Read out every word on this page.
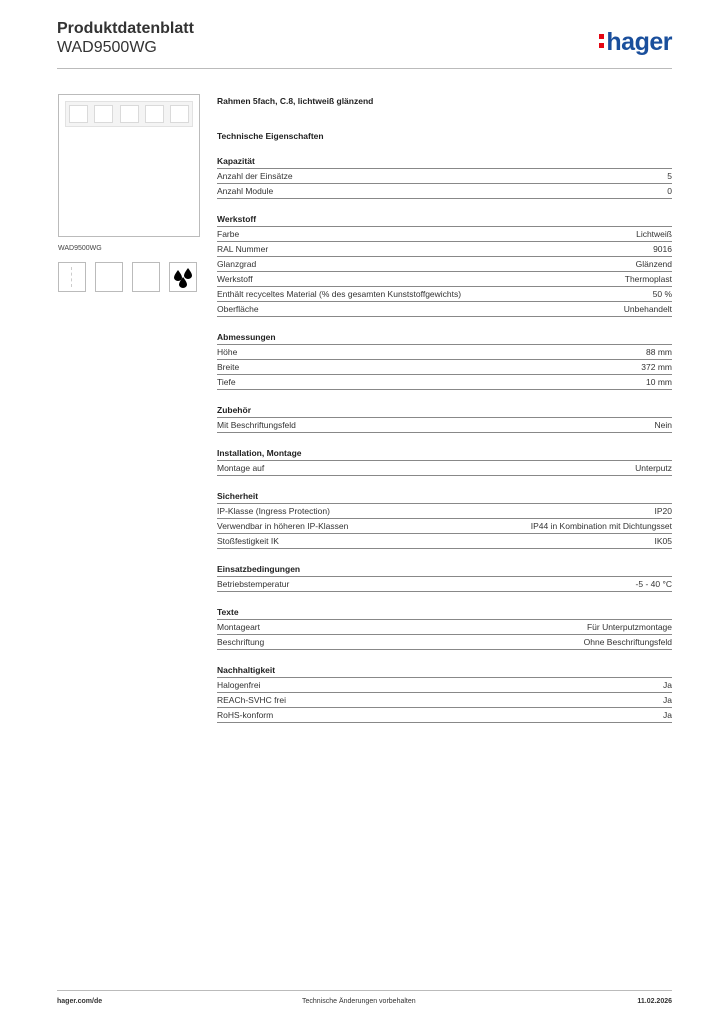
Produktdatenblatt
WAD9500WG	hager
WAD9500WG
Rahmen 5fach, C.8, lichtweiß glänzend
Technische Eigenschaften
Kapazität
Anzahl der Einsätze	5
Anzahl Module	0
Werkstoff
Farbe	Lichtweiß
RAL Nummer	9016
Glanzgrad	Glänzend
Werkstoff	Thermoplast
Enthält recyceltes Material (% des gesamten Kunststoffgewichts)	50 %
Oberfläche	Unbehandelt
Abmessungen
Höhe	88 mm
Breite	372 mm
Tiefe	10 mm
Zubehör
Mit Beschriftungsfeld	Nein
Installation, Montage
Montage auf	Unterputz
Sicherheit
IP-Klasse (Ingress Protection)	IP20
Verwendbar in höheren IP-Klassen	IP44 in Kombination mit Dichtungsset
Stoßfestigkeit IK	IK05
Einsatzbedingungen
Betriebstemperatur	-5 - 40 °C
Texte
Montageart	Für Unterputzmontage
Beschriftung	Ohne Beschriftungsfeld
Nachhaltigkeit
Halogenfrei	Ja
REACh-SVHC frei	Ja
RoHS-konform	Ja
hager.com/de	Technische Änderungen vorbehalten	11.02.2026
